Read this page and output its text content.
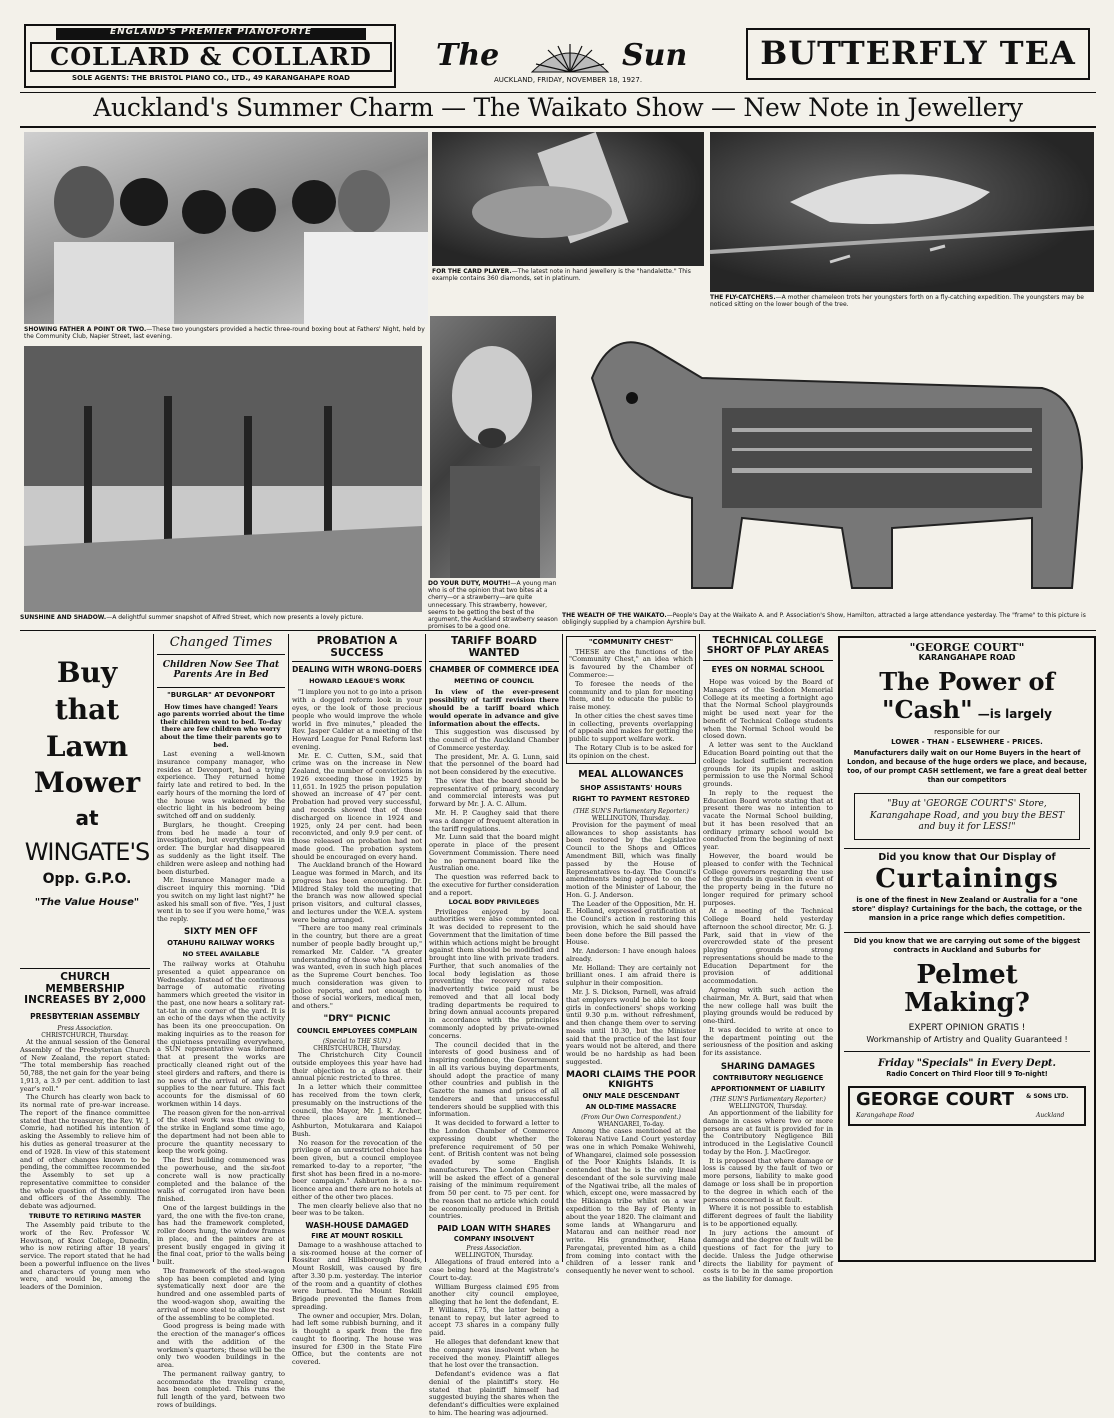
ENGLAND'S PREMIER PIANOFORTE
COLLARD & COLLARD
SOLE AGENTS: THE BRISTOL PIANO CO., LTD., 49 KARANGAHAPE ROAD
The	Sun
AUCKLAND, FRIDAY, NOVEMBER 18, 1927.
BUTTERFLY TEA
Auckland's Summer Charm — The Waikato Show — New Note in Jewellery
SHOWING FATHER A POINT OR TWO.—These two youngsters provided a hectic three-round boxing bout at Fathers' Night, held by the Community Club, Napier Street, last evening.
FOR THE CARD PLAYER.—The latest note in hand jewellery is the "handalette." This example contains 360 diamonds, set in platinum.
THE FLY-CATCHERS.—A mother chameleon trots her youngsters forth on a fly-catching expedition. The youngsters may be noticed sitting on the lower bough of the tree.
SUNSHINE AND SHADOW.—A delightful summer snapshot of Alfred Street, which now presents a lovely picture.
DO YOUR DUTY, MOUTH!—A young man who is of the opinion that two bites at a cherry—or a strawberry—are quite unnecessary. This strawberry, however, seems to be getting the best of the argument, the Auckland strawberry season promises to be a good one.
THE WEALTH OF THE WAIKATO.—People's Day at the Waikato A. and P. Association's Show, Hamilton, attracted a large attendance yesterday. The "frame" to this picture is obligingly supplied by a champion Ayrshire bull.
Buy
that
Lawn
Mower
at
WINGATE'S
Opp. G.P.O.
"The Value House"
CHURCH MEMBERSHIP INCREASES BY 2,000
PRESBYTERIAN ASSEMBLY
Press Association.
CHRISTCHURCH, Thursday.

At the annual session of the General Assembly of the Presbyterian Church of New Zealand, the report stated: "The total membership has reached 50,788, the net gain for the year being 1,913, a 3.9 per cent. addition to last year's roll."

The Church has clearly won back to its normal rate of pre-war increase. The report of the finance committee stated that the treasurer, the Rev. W. J. Comrie, had notified his intention of asking the Assembly to relieve him of his duties as general treasurer at the end of 1928. In view of this statement and of other changes known to be pending, the committee recommended the Assembly to set up a representative committee to consider the whole question of the committee and officers of the Assembly. The debate was adjourned.

TRIBUTE TO RETIRING MASTER

The Assembly paid tribute to the work of the Rev. Professor W. Hewitson, of Knox College, Dunedin, who is now retiring after 18 years' service. The report stated that he had been a powerful influence on the lives and characters of young men who were, and would be, among the leaders of the Dominion.

Changed Times
Children Now See That Parents Are in Bed
"BURGLAR" AT DEVONPORT
How times have changed! Years ago parents worried about the time their children went to bed. To-day there are few children who worry about the time their parents go to bed.

Last evening a well-known insurance company manager, who resides at Devonport, had a trying experience. They returned home fairly late and retired to bed. In the early hours of the morning the lord of the house was wakened by the electric light in his bedroom being switched off and on suddenly.

Burglars, he thought. Creeping from bed he made a tour of investigation, but everything was in order. The burglar had disappeared as suddenly as the light itself. The children were asleep and nothing had been disturbed.

Mr. Insurance Manager made a discreet inquiry this morning. "Did you switch on my light last night?" he asked his small son of five. "Yes, I just went in to see if you were home," was the reply.

SIXTY MEN OFF
OTAHUHU RAILWAY WORKS
NO STEEL AVAILABLE

The railway works at Otahuhu presented a quiet appearance on Wednesday. Instead of the continuous barrage of automatic riveting hammers which greeted the visitor in the past, one now hears a solitary rat-tat-tat in one corner of the yard. It is an echo of the days when the activity has been its one preoccupation. On making inquiries as to the reason for the quietness prevailing everywhere, a SUN representative was informed that at present the works are practically cleaned right out of the steel girders and rafters, and there is no news of the arrival of any fresh supplies to the near future. This fact accounts for the dismissal of 60 workmen within 14 days.

The reason given for the non-arrival of the steel work was that owing to the strike in England some time ago, the department had not been able to procure the quantity necessary to keep the work going.

The first building commenced was the powerhouse, and the six-foot concrete wall is now practically completed and the balance of the walls of corrugated iron have been finished.

One of the largest buildings in the yard, the one with the five-ton crane, has had the framework completed, roller doors hung, the window frames in place, and the painters are at present busily engaged in giving it the final coat, prior to the walls being built.

The framework of the steel-wagon shop has been completed and lying systematically next door are the hundred and one assembled parts of the wood-wagon shop, awaiting the arrival of more steel to allow the rest of the assembling to be completed.

Good progress is being made with the erection of the manager's offices and with the addition of the workmen's quarters; these will be the only two wooden buildings in the area.

The permanent railway gantry, to accommodate the traveling crane, has been completed. This runs the full length of the yard, between two rows of buildings.

PROBATION A SUCCESS
DEALING WITH WRONG-DOERS
HOWARD LEAGUE'S WORK

"I implore you not to go into a prison with a dogged reform look in your eyes, or the look of those precious people who would improve the whole world in five minutes," pleaded the Rev. Jasper Calder at a meeting of the Howard League for Penal Reform last evening.

Mr. E. C. Cutten, S.M., said that crime was on the increase in New Zealand, the number of convictions in 1926 exceeding those in 1925 by 11,651. In 1925 the prison population showed an increase of 47 per cent. Probation had proved very successful, and records showed that of those discharged on licence in 1924 and 1925, only 24 per cent. had been reconvicted, and only 9.9 per cent. of those released on probation had not made good. The probation system should be encouraged on every hand.

The Auckland branch of the Howard League was formed in March, and its progress has been encouraging. Dr. Mildred Staley told the meeting that the branch was now allowed special prison visitors, and cultural classes, and lectures under the W.E.A. system were being arranged.

"There are too many real criminals in the country, but there are a great number of people badly brought up," remarked Mr. Calder. "A greater understanding of those who had erred was wanted, even in such high places as the Supreme Court benches. Too much consideration was given to police reports, and not enough to those of social workers, medical men, and others."

"DRY" PICNIC
COUNCIL EMPLOYEES COMPLAIN
(Special to THE SUN.)
CHRISTCHURCH, Thursday.

The Christchurch City Council outside employees this year have had their objection to a glass at their annual picnic restricted to three.

In a letter which their committee has received from the town clerk, presumably on the instructions of the council, the Mayor, Mr. J. K. Archer, three places are mentioned—Ashburton, Motukarara and Kaiapoi Bush.

No reason for the revocation of the privilege of an unrestricted choice has been given, but a council employee remarked to-day to a reporter, "the first shot has been fired in a no-more-beer campaign." Ashburton is a no-licence area and there are no hotels at either of the other two places.

The men clearly believe also that no beer was to be taken.

WASH-HOUSE DAMAGED
FIRE AT MOUNT ROSKILL

Damage to a washhouse attached to a six-roomed house at the corner of Rossiter and Hillsborough Roads, Mount Roskill, was caused by fire after 3.30 p.m. yesterday. The interior of the room and a quantity of clothes were burned. The Mount Roskill Brigade prevented the flames from spreading.

The owner and occupier, Mrs. Dolan, had left some rubbish burning, and it is thought a spark from the fire caught to flooring. The house was insured for £300 in the State Fire Office, but the contents are not covered.

TARIFF BOARD WANTED
CHAMBER OF COMMERCE IDEA
MEETING OF COUNCIL

In view of the ever-present possibility of tariff revision there should be a tariff board which would operate in advance and give information about the effects.

This suggestion was discussed by the council of the Auckland Chamber of Commerce yesterday.

The president, Mr. A. G. Lunn, said that the personnel of the board had not been considered by the executive.

The view that the board should be representative of primary, secondary and commercial interests was put forward by Mr. J. A. C. Allum.

Mr. H. P. Caughey said that there was a danger of frequent alteration in the tariff regulations.

Mr. Lunn said that the board might operate in place of the present Government Commission. There need be no permanent board like the Australian one.

The question was referred back to the executive for further consideration and a report.

LOCAL BODY PRIVILEGES

Privileges enjoyed by local authorities were also commented on. It was decided to represent to the Government that the limitation of time within which actions might be brought against them should be modified and brought into line with private traders. Further, that such anomalies of the local body legislation as those preventing the recovery of rates inadvertently twice paid must be removed and that all local body trading departments be required to bring down annual accounts prepared in accordance with the principles commonly adopted by private-owned concerns.

The council decided that in the interests of good business and of inspiring confidence, the Government in all its various buying departments, should adopt the practice of many other countries and publish in the Gazette the names and prices of all tenderers and that unsuccessful tenderers should be supplied with this information.

It was decided to forward a letter to the London Chamber of Commerce expressing doubt whether the preference requirement of 50 per cent. of British content was not being evaded by some English manufacturers. The London Chamber will be asked the effect of a general raising of the minimum requirement from 50 per cent. to 75 per cent. for the reason that no article which could be economically produced in British countries.

PAID LOAN WITH SHARES
COMPANY INSOLVENT
Press Association.
WELLINGTON, Thursday.

Allegations of fraud entered into a case being heard at the Magistrate's Court to-day.

William Burgess claimed £95 from another city council employee, alleging that he lent the defendant, E. P. Williams, £75, the latter being a tenant to repay, but later agreed to accept 73 shares in a company fully paid.

He alleges that defendant knew that the company was insolvent when he received the money. Plaintiff alleges that he lost over the transaction.

Defendant's evidence was a flat denial of the plaintiff's story. He stated that plaintiff himself had suggested buying the shares when the defendant's difficulties were explained to him. The hearing was adjourned.

"COMMUNITY CHEST"

THESE are the functions of the "Community Chest," an idea which is favoured by the Chamber of Commerce:—

To foresee the needs of the community and to plan for meeting them, and to educate the public to raise money.

In other cities the chest saves time in collecting, prevents overlapping of appeals and makes for getting the public to support welfare work.

The Rotary Club is to be asked for its opinion on the chest.

MEAL ALLOWANCES
SHOP ASSISTANTS' HOURS
RIGHT TO PAYMENT RESTORED
(THE SUN'S Parliamentary Reporter.)
WELLINGTON, Thursday.

Provision for the payment of meal allowances to shop assistants has been restored by the Legislative Council to the Shops and Offices Amendment Bill, which was finally passed by the House of Representatives to-day. The Council's amendments being agreed to on the motion of the Minister of Labour, the Hon. G. J. Anderson.

The Leader of the Opposition, Mr. H. E. Holland, expressed gratification at the Council's action in restoring this provision, which he said should have been done before the Bill passed the House.

Mr. Anderson: I have enough haloes already.

Mr. Holland: They are certainly not brilliant ones. I am afraid there is sulphur in their composition.

Mr. J. S. Dickson, Parnell, was afraid that employers would be able to keep girls in confectioners' shops working until 9.30 p.m. without refreshment, and then change them over to serving meals until 10.30, but the Minister said that the practice of the last four years would not be altered, and there would be no hardship as had been suggested.

MAORI CLAIMS THE POOR KNIGHTS
ONLY MALE DESCENDANT
AN OLD-TIME MASSACRE
(From Our Own Correspondent.)
WHANGAREI, To-day.

Among the cases mentioned at the Tokerau Native Land Court yesterday was one in which Pomake Wehiwehi, of Whangarei, claimed sole possession of the Poor Knights Islands. It is contended that he is the only lineal descendant of the sole surviving male of the Ngatiwai tribe, all the males of which, except one, were massacred by the Hikianga tribe whilst on a war expedition to the Bay of Plenty in about the year 1820. The claimant and some lands at Whangaruru and Matarau and can neither read nor write. His grandmother, Hana Parengatai, prevented him as a child from coming into contact with the children of a lesser rank and consequently he never went to school.

TECHNICAL COLLEGE SHORT OF PLAY AREAS
EYES ON NORMAL SCHOOL

Hope was voiced by the Board of Managers of the Seddon Memorial College at its meeting a fortnight ago that the Normal School playgrounds might be used next year for the benefit of Technical College students when the Normal School would be closed down.

A letter was sent to the Auckland Education Board pointing out that the college lacked sufficient recreation grounds for its pupils and asking permission to use the Normal School grounds.

In reply to the request the Education Board wrote stating that at present there was no intention to vacate the Normal School building, but it has been resolved that an ordinary primary school would be conducted from the beginning of next year.

However, the board would be pleased to confer with the Technical College governors regarding the use of the grounds in question in event of the property being in the future no longer required for primary school purposes.

At a meeting of the Technical College Board held yesterday afternoon the school director, Mr. G. J. Park, said that in view of the overcrowded state of the present playing grounds strong representations should be made to the Education Department for the provision of additional accommodation.

Agreeing with such action the chairman, Mr. A. Burt, said that when the new college hall was built the playing grounds would be reduced by one-third.

It was decided to write at once to the department pointing out the seriousness of the position and asking for its assistance.

SHARING DAMAGES
CONTRIBUTORY NEGLIGENCE
APPORTIONMENT OF LIABILITY
(THE SUN'S Parliamentary Reporter.)
WELLINGTON, Thursday.

An apportionment of the liability for damage in cases where two or more persons are at fault is provided for in the Contributory Negligence Bill introduced in the Legislative Council today by the Hon. J. MacGregor.

It is proposed that where damage or loss is caused by the fault of two or more persons, liability to make good damage or loss shall be in proportion to the degree in which each of the persons concerned is at fault.

Where it is not possible to establish different degrees of fault the liability is to be apportioned equally.

In jury actions the amount of damage and the degree of fault will be questions of fact for the jury to decide. Unless the Judge otherwise directs the liability for payment of costs is to be in the same proportion as the liability for damage.

"GEORGE COURT"
KARANGAHAPE ROAD
The Power of
"Cash" —is largely
responsible for our
LOWER - THAN - ELSEWHERE - PRICES.
Manufacturers daily wait on our Home Buyers in the heart of London, and because of the huge orders we place, and because, too, of our prompt CASH settlement, we fare a great deal better than our competitors
"Buy at 'GEORGE COURT'S' Store, Karangahape Road, and you buy the BEST and buy it for LESS!"
Did you know that Our Display of
Curtainings
is one of the finest in New Zealand or Australia for a "one store" display? Curtainings for the bach, the cottage, or the mansion in a price range which defies competition.
Did you know that we are carrying out some of the biggest contracts in Auckland and Suburbs for
Pelmet
Making?
EXPERT OPINION GRATIS !
Workmanship of Artistry and Quality Guaranteed !
Friday "Specials" in Every Dept.
Radio Concert on Third Floor till 9 To-night!
GEORGE COURT & SONS LTD.
Karangahape Road	Auckland
